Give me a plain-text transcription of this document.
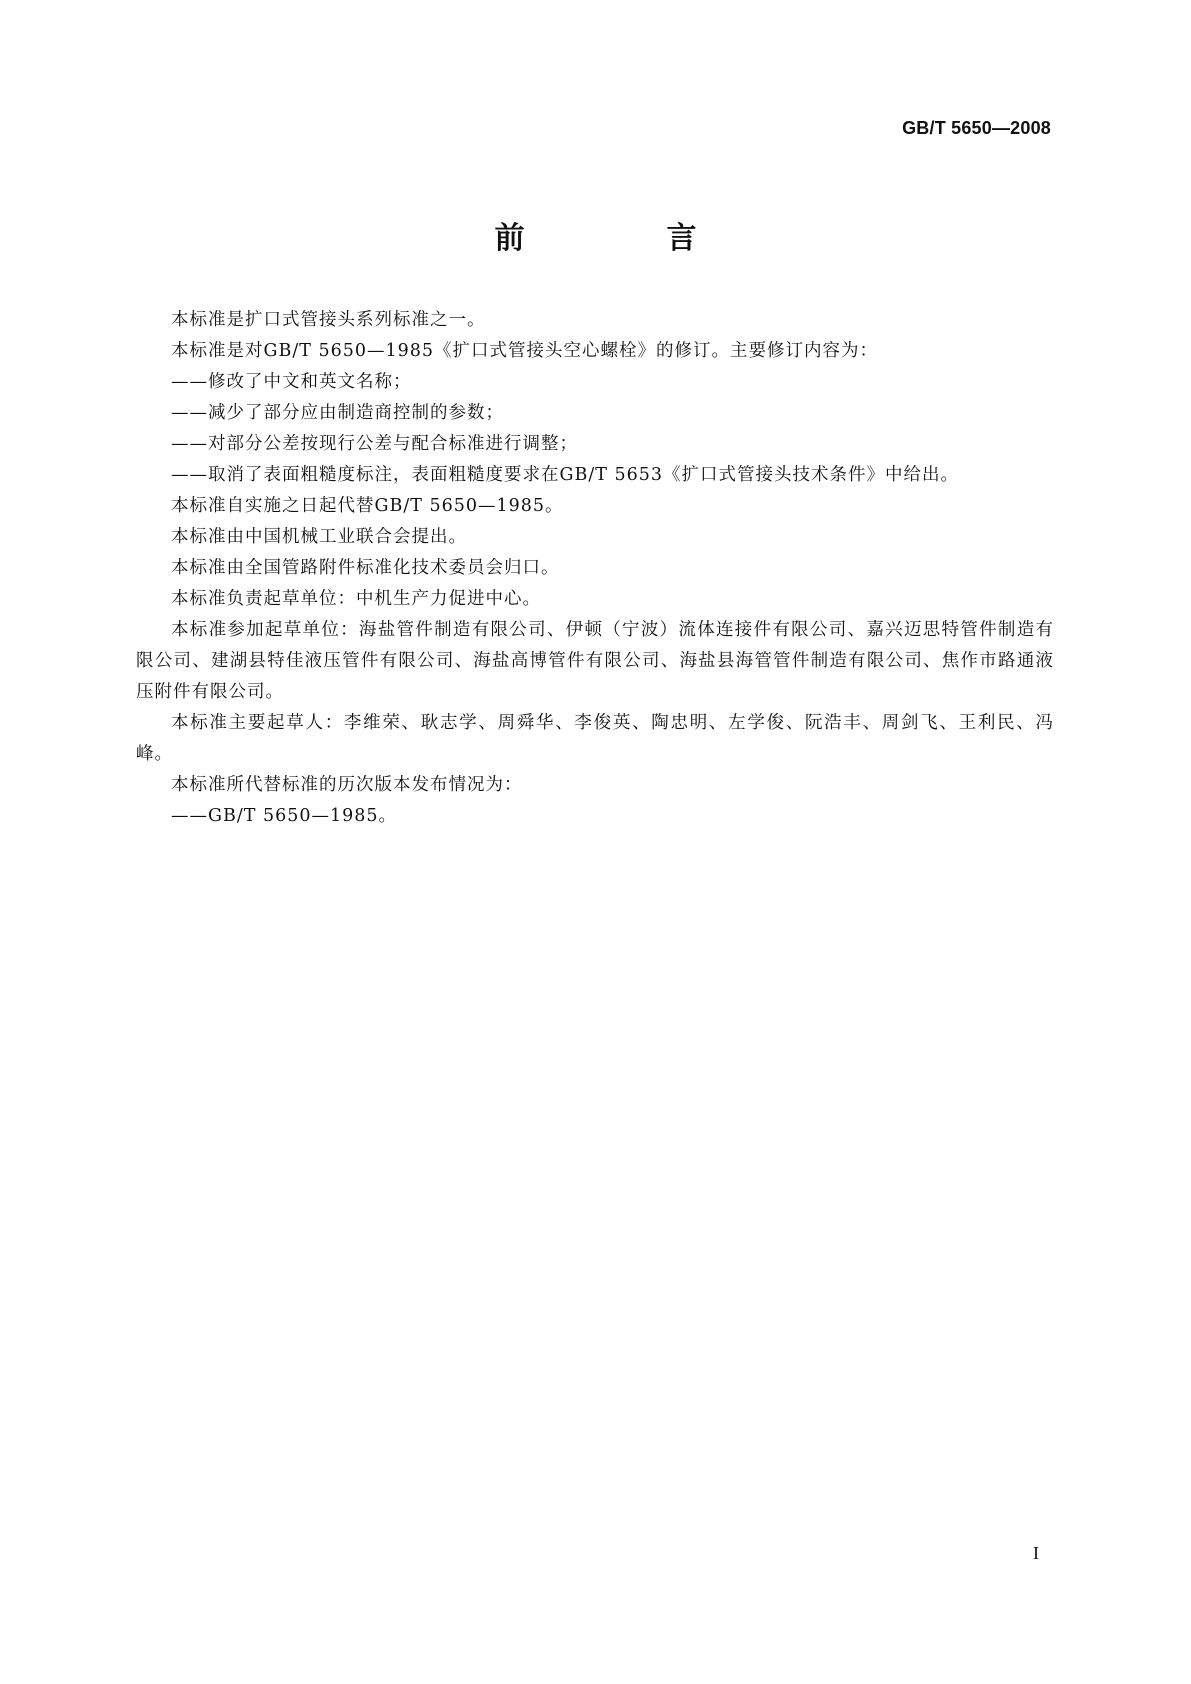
GB/T 5650—2008
前　言

本标准是扩口式管接头系列标准之一。

本标准是对GB/T 5650—1985《扩口式管接头空心螺栓》的修订。主要修订内容为：

——修改了中文和英文名称；

——减少了部分应由制造商控制的参数；

——对部分公差按现行公差与配合标准进行调整；

——取消了表面粗糙度标注，表面粗糙度要求在GB/T 5653《扩口式管接头技术条件》中给出。

本标准自实施之日起代替GB/T 5650—1985。

本标准由中国机械工业联合会提出。

本标准由全国管路附件标准化技术委员会归口。

本标准负责起草单位：中机生产力促进中心。

本标准参加起草单位：海盐管件制造有限公司、伊顿（宁波）流体连接件有限公司、嘉兴迈思特管件制造有限公司、建湖县特佳液压管件有限公司、海盐高博管件有限公司、海盐县海管管件制造有限公司、焦作市路通液压附件有限公司。

本标准主要起草人：李维荣、耿志学、周舜华、李俊英、陶忠明、左学俊、阮浩丰、周剑飞、王利民、冯峰。

本标准所代替标准的历次版本发布情况为：

——GB/T 5650—1985。

I
